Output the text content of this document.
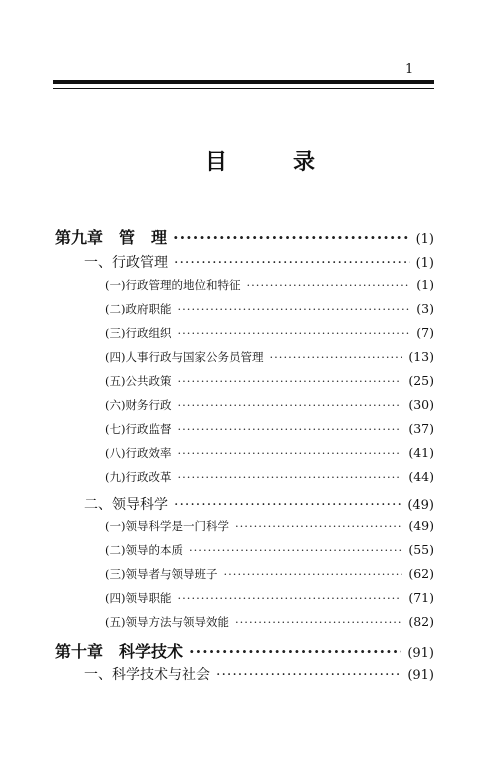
1
目	录
第九章　管　理 ·····	(1)
一、行政管理 ·····	(1)
(一)行政管理的地位和特征 ·····	(1)
(二)政府职能 ·····	(3)
(三)行政组织 ·····	(7)
(四)人事行政与国家公务员管理 ·····	(13)
(五)公共政策 ·····	(25)
(六)财务行政 ·····	(30)
(七)行政监督 ·····	(37)
(八)行政效率 ·····	(41)
(九)行政改革 ·····	(44)
二、领导科学 ·····	(49)
(一)领导科学是一门科学 ·····	(49)
(二)领导的本质 ·····	(55)
(三)领导者与领导班子 ·····	(62)
(四)领导职能 ·····	(71)
(五)领导方法与领导效能 ·····	(82)
第十章　科学技术 ·····	(91)
一、科学技术与社会 ·····	(91)
